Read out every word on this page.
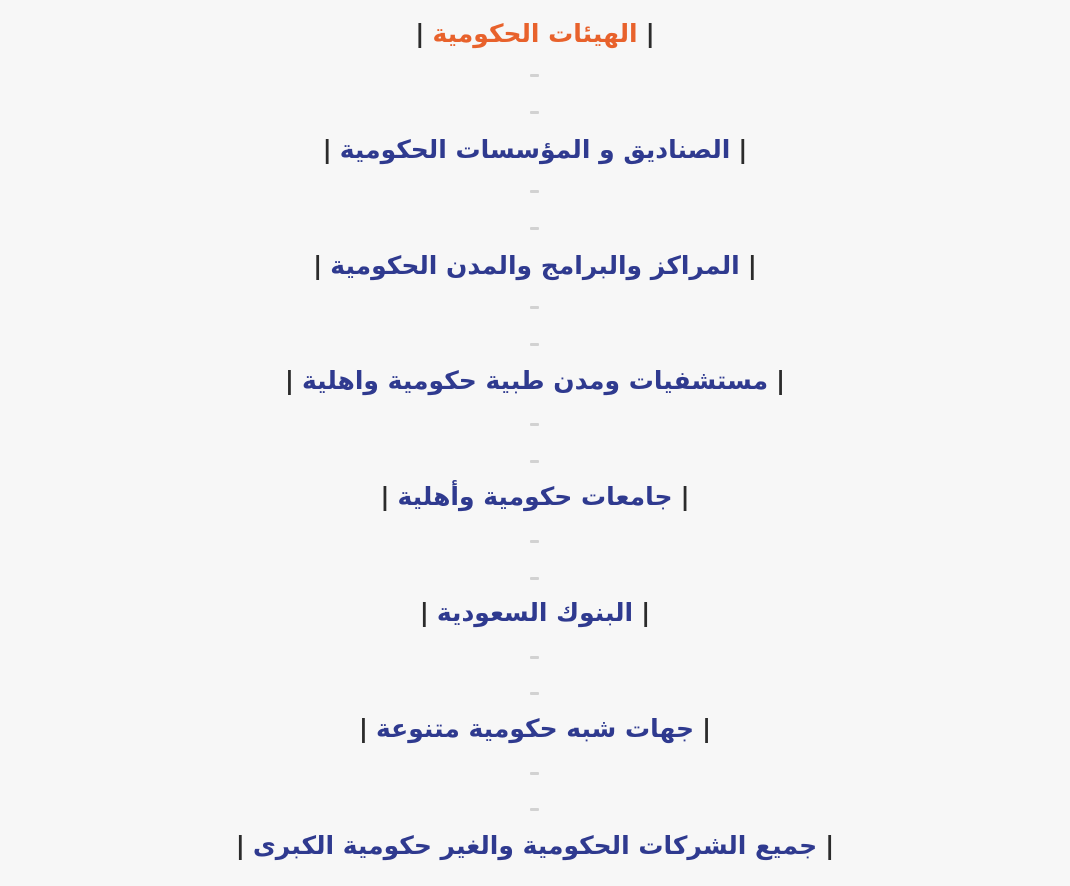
|
الهيئات الحكومية
|
|
الصناديق و المؤسسات الحكومية
|
|
المراكز والبرامج والمدن الحكومية
|
|
مستشفيات ومدن طبية حكومية واهلية
|
|
جامعات حكومية وأهلية
|
|
البنوك السعودية
|
|
جهات شبه حكومية متنوعة
|
|
جميع الشركات الحكومية والغير حكومية الكبرى
|
